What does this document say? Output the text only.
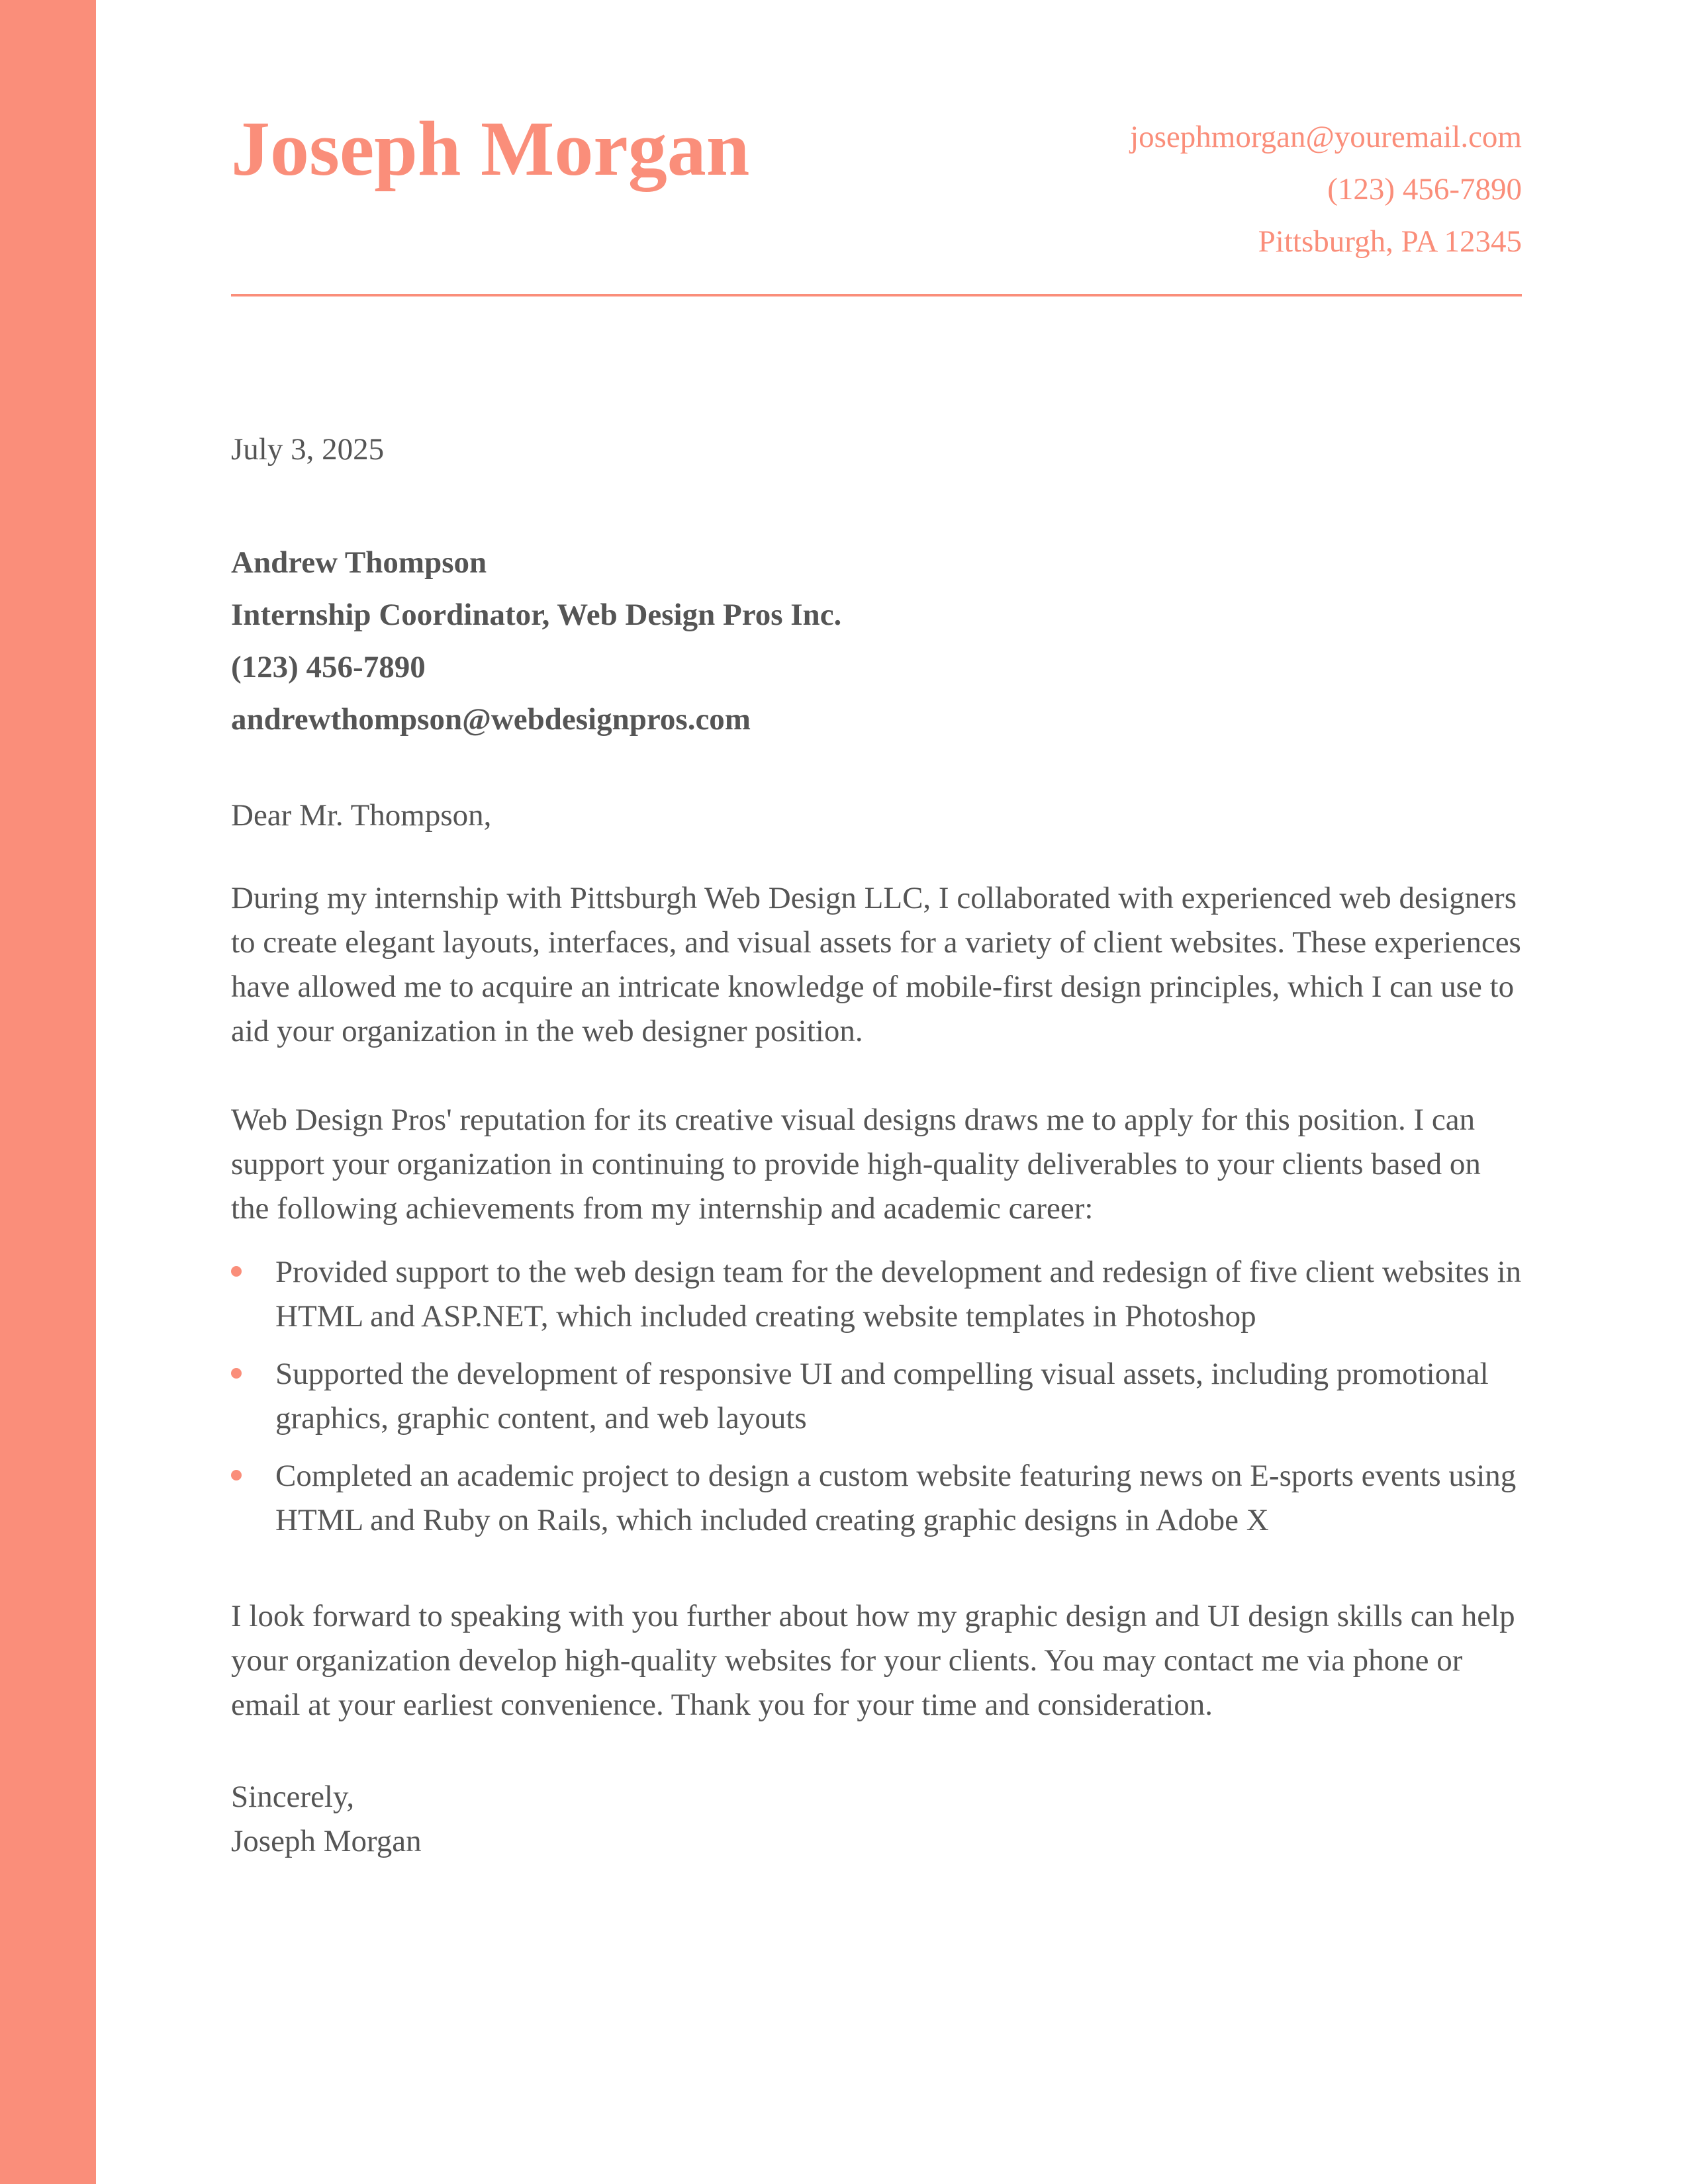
Joseph Morgan	josephmorgan@youremail.com
(123) 456-7890
Pittsburgh, PA 12345

July 3, 2025

Andrew Thompson
Internship Coordinator, Web Design Pros Inc.
(123) 456-7890
andrewthompson@webdesignpros.com

Dear Mr. Thompson,

During my internship with Pittsburgh Web Design LLC, I collaborated with experienced web designers to create elegant layouts, interfaces, and visual assets for a variety of client websites. These experiences have allowed me to acquire an intricate knowledge of mobile-first design principles, which I can use to aid your organization in the web designer position.

Web Design Pros' reputation for its creative visual designs draws me to apply for this position. I can support your organization in continuing to provide high-quality deliverables to your clients based on the following achievements from my internship and academic career:

Provided support to the web design team for the development and redesign of five client websites in HTML and ASP.NET, which included creating website templates in Photoshop
Supported the development of responsive UI and compelling visual assets, including promotional graphics, graphic content, and web layouts
Completed an academic project to design a custom website featuring news on E-sports events using HTML and Ruby on Rails, which included creating graphic designs in Adobe X

I look forward to speaking with you further about how my graphic design and UI design skills can help your organization develop high-quality websites for your clients. You may contact me via phone or email at your earliest convenience. Thank you for your time and consideration.

Sincerely,
Joseph Morgan
